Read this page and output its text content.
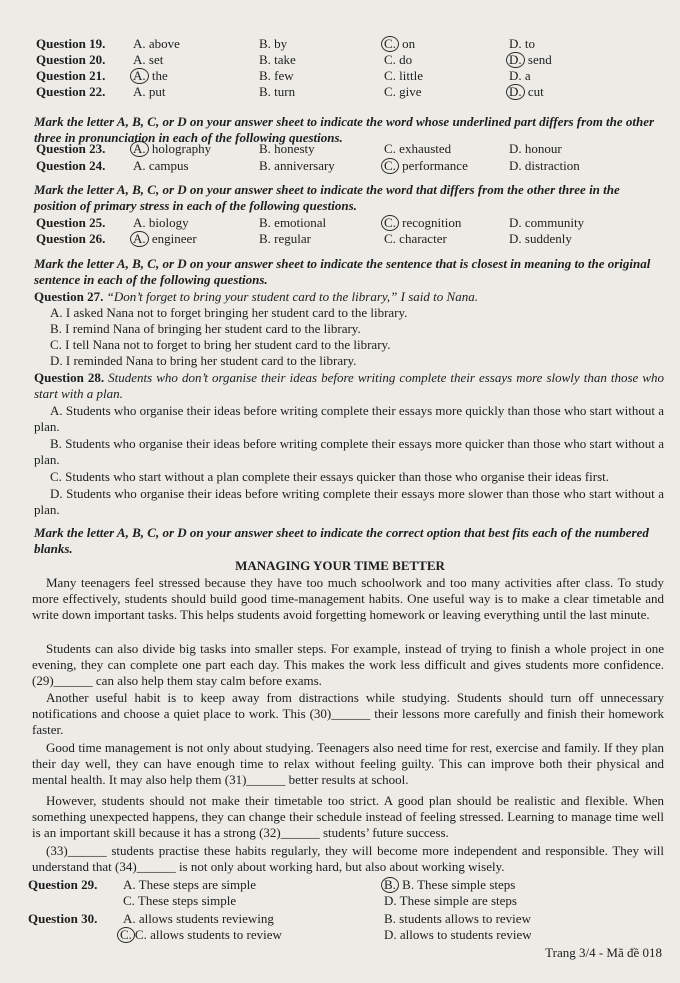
Question 19. A. above	B. by	C. on	D. to
Question 20. A. set	B. take	C. do	D. send
Question 21. A. the	B. few	C. little	D. a
Question 22. A. put	B. turn	C. give	D. cut
Mark the letter A, B, C, or D on your answer sheet to indicate the word whose underlined part differs from the other three in pronunciation in each of the following questions.
Question 23. A. holography	B. honesty	C. exhausted	D. honour
Question 24. A. campus	B. anniversary	C. performance	D. distraction
Mark the letter A, B, C, or D on your answer sheet to indicate the word that differs from the other three in the position of primary stress in each of the following questions.
Question 25. A. biology	B. emotional	C. recognition	D. community
Question 26. A. engineer	B. regular	C. character	D. suddenly
Mark the letter A, B, C, or D on your answer sheet to indicate the sentence that is closest in meaning to the original sentence in each of the following questions.
Question 27. “Don’t forget to bring your student card to the library,” I said to Nana.
A. I asked Nana not to forget bringing her student card to the library.
B. I remind Nana of bringing her student card to the library.
C. I tell Nana not to forget to bring her student card to the library.
D. I reminded Nana to bring her student card to the library.
Question 28. Students who don’t organise their ideas before writing complete their essays more slowly than those who start with a plan.
A. Students who organise their ideas before writing complete their essays more quickly than those who start without a plan.
B. Students who organise their ideas before writing complete their essays more quicker than those who start without a plan.
C. Students who start without a plan complete their essays quicker than those who organise their ideas first.
D. Students who organise their ideas before writing complete their essays more slower than those who start without a plan.
Mark the letter A, B, C, or D on your answer sheet to indicate the correct option that best fits each of the numbered blanks.
MANAGING YOUR TIME BETTER
Many teenagers feel stressed because they have too much schoolwork and too many activities after class. To study more effectively, students should build good time-management habits. One useful way is to make a clear timetable and write down important tasks. This helps students avoid forgetting homework or leaving everything until the last minute.
Students can also divide big tasks into smaller steps. For example, instead of trying to finish a whole project in one evening, they can complete one part each day. This makes the work less difficult and gives students more confidence. (29)______ can also help them stay calm before exams.
Another useful habit is to keep away from distractions while studying. Students should turn off unnecessary notifications and choose a quiet place to work. This (30)______ their lessons more carefully and finish their homework faster.
Good time management is not only about studying. Teenagers also need time for rest, exercise and family. If they plan their day well, they can have enough time to relax without feeling guilty. This can improve both their physical and mental health. It may also help them (31)______ better results at school.
However, students should not make their timetable too strict. A good plan should be realistic and flexible. When something unexpected happens, they can change their schedule instead of feeling stressed. Learning to manage time well is an important skill because it has a strong (32)______ students’ future success.
(33)______ students practise these habits regularly, they will become more independent and responsible. They will understand that (34)______ is not only about working hard, but also about working wisely.
Question 29. A. These steps are simple	B. B. These simple steps
C. These steps simple	D. These simple are steps
Question 30. A. allows students reviewing	B. students allows to review
C. C. allows students to review	D. allows to students review
Trang 3/4 - Mã đề 018
